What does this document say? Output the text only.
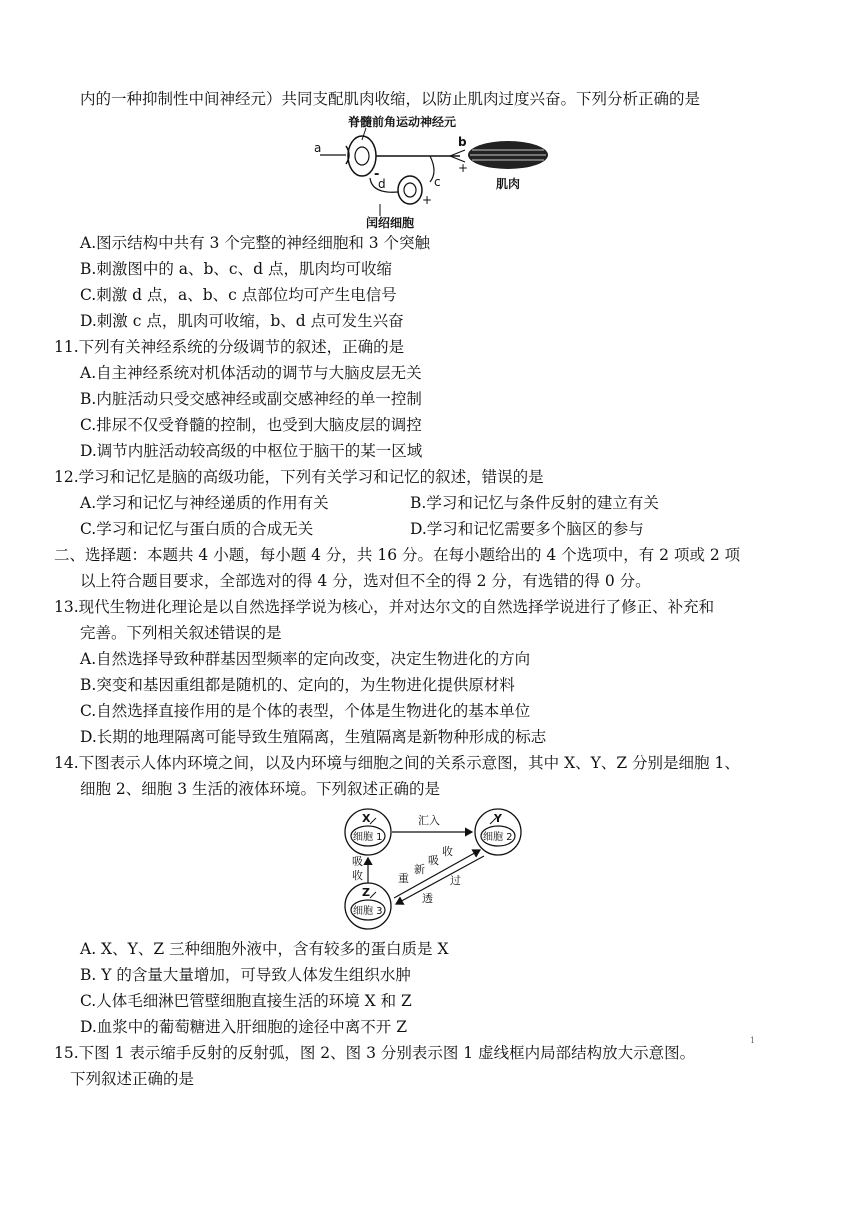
内的一种抑制性中间神经元）共同支配肌肉收缩，以防止肌肉过度兴奋。下列分析正确的是
脊髓前角运动神经元
a	b
+
肌肉
c
+
d
-
闰绍细胞
A.图示结构中共有 3 个完整的神经细胞和 3 个突触
B.刺激图中的 a、b、c、d 点，肌肉均可收缩
C.刺激 d 点，a、b、c 点部位均可产生电信号
D.刺激 c 点，肌肉可收缩，b、d 点可发生兴奋
11.下列有关神经系统的分级调节的叙述，正确的是
A.自主神经系统对机体活动的调节与大脑皮层无关
B.内脏活动只受交感神经或副交感神经的单一控制
C.排尿不仅受脊髓的控制，也受到大脑皮层的调控
D.调节内脏活动较高级的中枢位于脑干的某一区域
12.学习和记忆是脑的高级功能，下列有关学习和记忆的叙述，错误的是
A.学习和记忆与神经递质的作用有关	B.学习和记忆与条件反射的建立有关
C.学习和记忆与蛋白质的合成无关	D.学习和记忆需要多个脑区的参与
二、选择题：本题共 4 小题，每小题 4 分，共 16 分。在每小题给出的 4 个选项中，有 2 项或 2 项
以上符合题目要求，全部选对的得 4 分，选对但不全的得 2 分，有选错的得 0 分。
13.现代生物进化理论是以自然选择学说为核心，并对达尔文的自然选择学说进行了修正、补充和
完善。下列相关叙述错误的是
A.自然选择导致种群基因型频率的定向改变，决定生物进化的方向
B.突变和基因重组都是随机的、定向的，为生物进化提供原材料
C.自然选择直接作用的是个体的表型，个体是生物进化的基本单位
D.长期的地理隔离可能导致生殖隔离，生殖隔离是新物种形成的标志
14.下图表示人体内环境之间，以及内环境与细胞之间的关系示意图，其中 X、Y、Z 分别是细胞 1、
细胞 2、细胞 3 生活的液体环境。下列叙述正确的是
X
细胞 1
Y
细胞 2
Z
细胞 3
汇入
吸
收	重
新
吸
收
过
透
A. X、Y、Z 三种细胞外液中，含有较多的蛋白质是 X
B. Y 的含量大量增加，可导致人体发生组织水肿
C.人体毛细淋巴管壁细胞直接生活的环境 X 和 Z
D.血浆中的葡萄糖进入肝细胞的途径中离不开 Z
15.下图 1 表示缩手反射的反射弧，图 2、图 3 分别表示图 1 虚线框内局部结构放大示意图。
下列叙述正确的是
1
